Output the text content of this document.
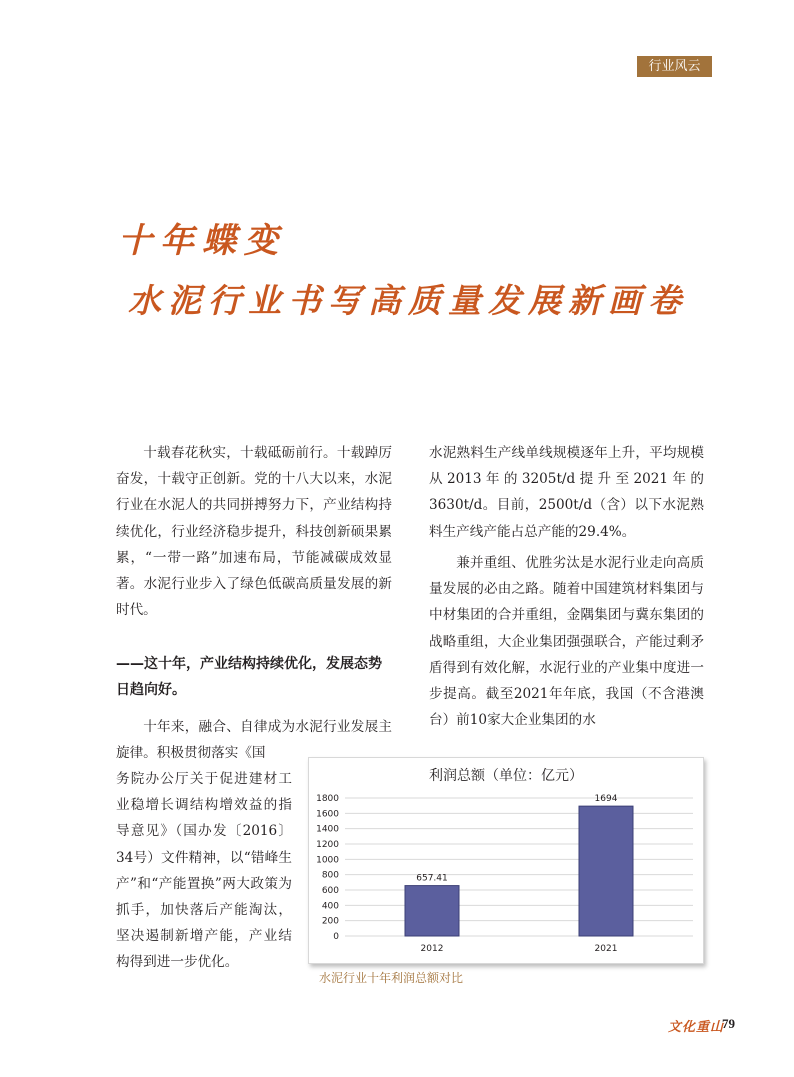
行业风云
十年蝶变
水泥行业书写高质量发展新画卷

十载春花秋实，十载砥砺前行。十载踔厉奋发，十载守正创新。党的十八大以来，水泥行业在水泥人的共同拼搏努力下，产业结构持续优化，行业经济稳步提升，科技创新硕果累累，“一带一路”加速布局，节能减碳成效显著。水泥行业步入了绿色低碳高质量发展的新时代。

——这十年，产业结构持续优化，发展态势日趋向好。

十年来，融合、自律成为水泥行业发展主旋律。积极贯彻落实《国

务院办公厅关于促进建材工业稳增长调结构增效益的指导意见》（国办发〔2016〕34号）文件精神，以“错峰生产”和“产能置换”两大政策为抓手，加快落后产能淘汰，坚决遏制新增产能，产业结构得到进一步优化。

水泥熟料生产线单线规模逐年上升，平均规模从2013年的3205t/d提升至2021年的3630t/d。目前，2500t/d（含）以下水泥熟料生产线产能占总产能的29.4%。

兼并重组、优胜劣汰是水泥行业走向高质量发展的必由之路。随着中国建筑材料集团与中材集团的合并重组，金隅集团与冀东集团的战略重组，大企业集团强强联合，产能过剩矛盾得到有效化解，水泥行业的产业集中度进一步提高。截至2021年年底，我国（不含港澳台）前10家大企业集团的水

利润总额（单位：亿元）
0
200
400
600
800
1000
1200
1400
1600
1800
2012	2021
657.41
1694
水泥行业十年利润总额对比
文化重山
79
